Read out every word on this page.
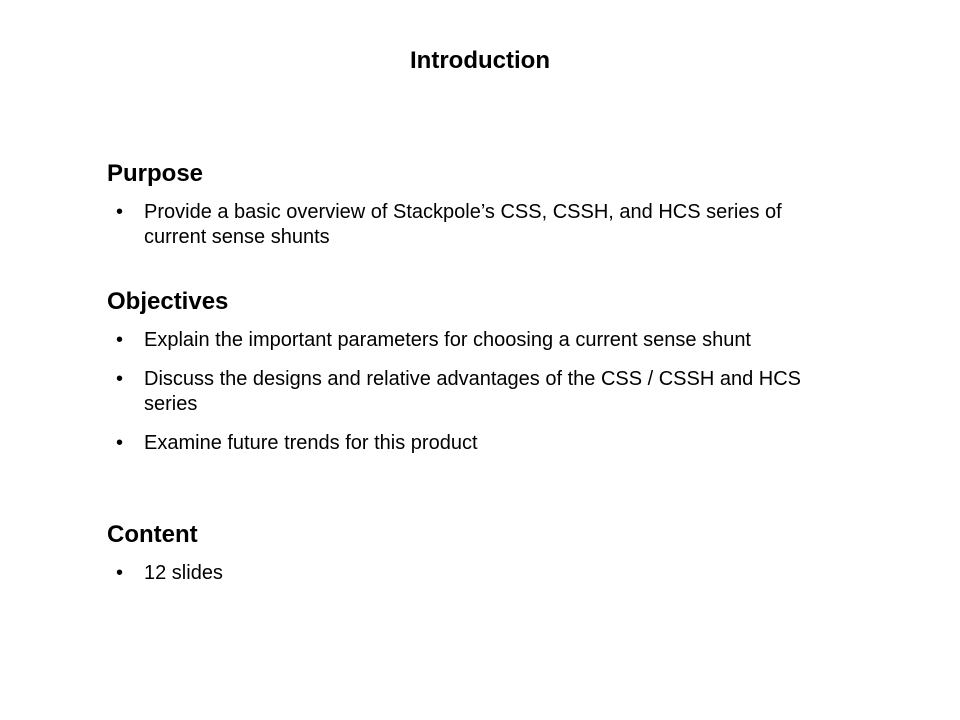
Introduction
Purpose
• Provide a basic overview of Stackpole’s CSS, CSSH, and HCS series of current sense shunts
Objectives
• Explain the important parameters for choosing a current sense shunt
• Discuss the designs and relative advantages of the CSS / CSSH and HCS series
• Examine future trends for this product
Content
• 12 slides
